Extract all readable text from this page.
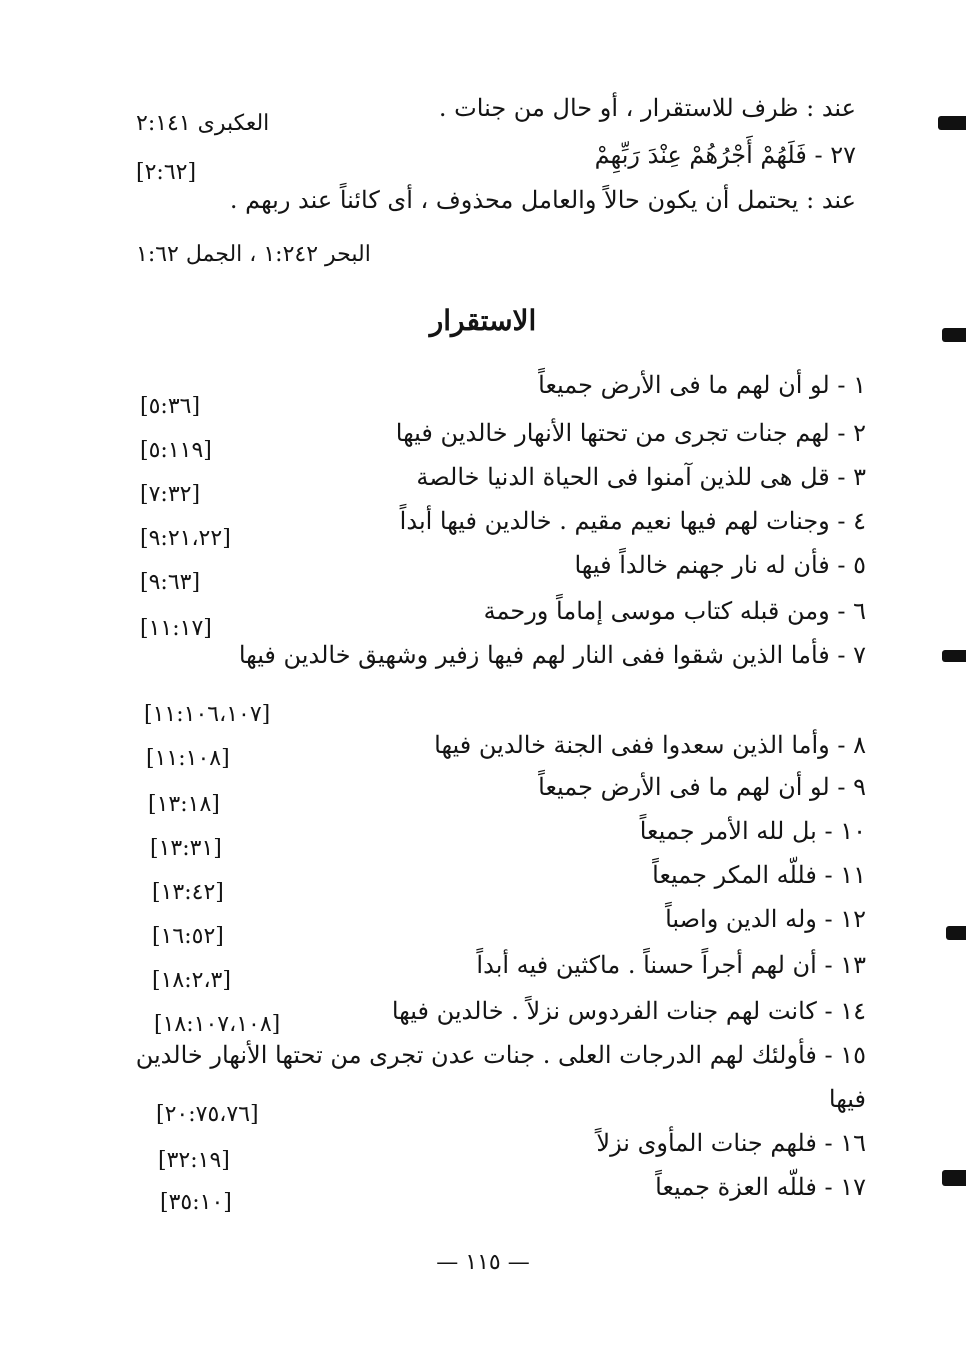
عند : ظرف للاستقرار ، أو حال من جنات .
العكبرى ٢:١٤١
٢٧ - فَلَهُمْ أَجْرُهُمْ عِنْدَ رَبِّهِمْ
[٢:٦٢]
عند : يحتمل أن يكون حالاً والعامل محذوف ، أى كائناً عند ربهم .
البحر ١:٢٤٢ ، الجمل ١:٦٢
الاستقرار
١ - لو أن لهم ما فى الأرض جميعاً
[٥:٣٦]
٢ - لهم جنات تجرى من تحتها الأنهار خالدين فيها
[٥:١١٩]
٣ - قل هى للذين آمنوا فى الحياة الدنيا خالصة
[٧:٣٢]
٤ - وجنات لهم فيها نعيم مقيم . خالدين فيها أبداً
[٩:٢١،٢٢]
٥ - فأن له نار جهنم خالداً فيها
[٩:٦٣]
٦ - ومن قبله كتاب موسى إماماً ورحمة
[١١:١٧]
٧ - فأما الذين شقوا ففى النار لهم فيها زفير وشهيق خالدين فيها
[١١:١٠٦،١٠٧]
٨ - وأما الذين سعدوا ففى الجنة خالدين فيها
[١١:١٠٨]
٩ - لو أن لهم ما فى الأرض جميعاً
[١٣:١٨]
١٠ - بل لله الأمر جميعاً
[١٣:٣١]
١١ - فللّه المكر جميعاً
[١٣:٤٢]
١٢ - وله الدين واصباً
[١٦:٥٢]
١٣ - أن لهم أجراً حسناً . ماكثين فيه أبداً
[١٨:٢،٣]
١٤ - كانت لهم جنات الفردوس نزلاً . خالدين فيها
[١٨:١٠٧،١٠٨]
١٥ - فأولئك لهم الدرجات العلى . جنات عدن تجرى من تحتها الأنهار خالدين
فيها
[٢٠:٧٥،٧٦]
١٦ - فلهم جنات المأوى نزلاً
[٣٢:١٩]
١٧ - فللّه العزة جميعاً
[٣٥:١٠]
— ١١٥ —
